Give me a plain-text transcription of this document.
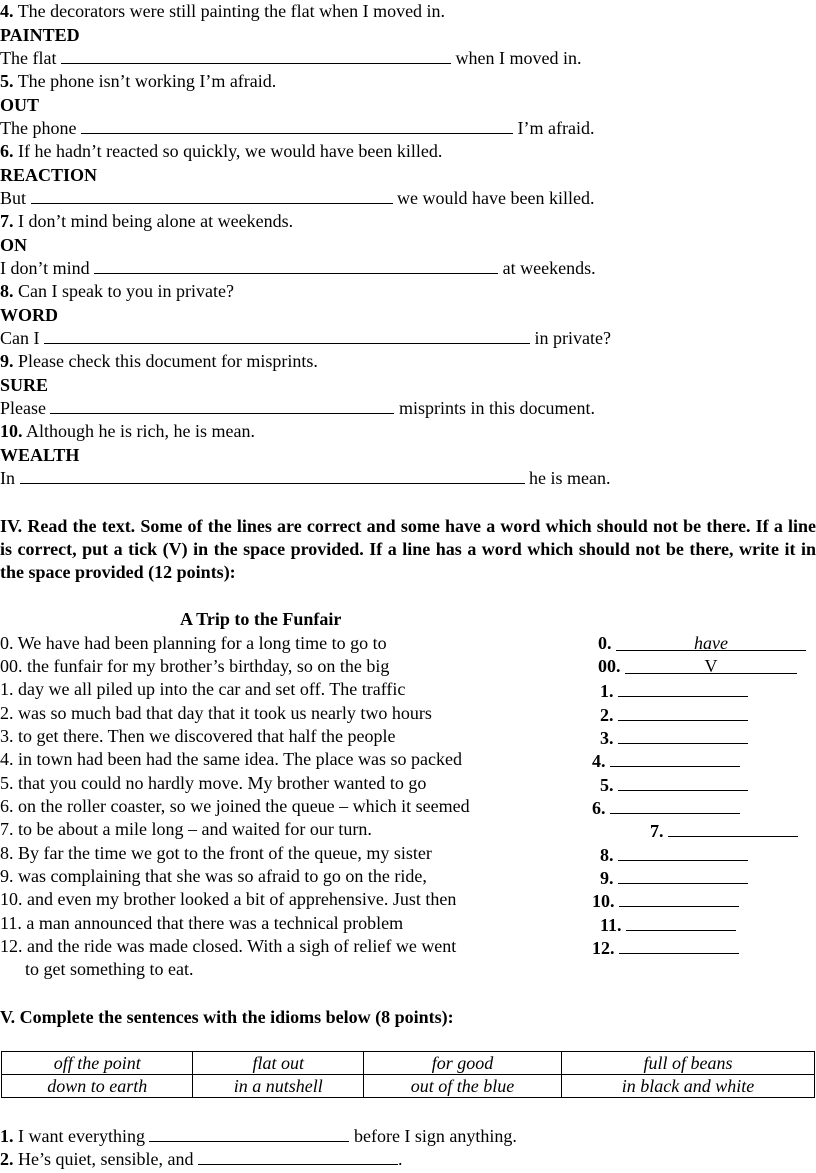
4. The decorators were still painting the flat when I moved in.
PAINTED
The flat	when I moved in.
5. The phone isn’t working I’m afraid.
OUT
The phone	I’m afraid.
6. If he hadn’t reacted so quickly, we would have been killed.
REACTION
But	we would have been killed.
7. I don’t mind being alone at weekends.
ON
I don’t mind	at weekends.
8. Can I speak to you in private?
WORD
Can I	in private?
9. Please check this document for misprints.
SURE
Please	misprints in this document.
10. Although he is rich, he is mean.
WEALTH
In	he is mean.
IV. Read the text. Some of the lines are correct and some have a word which should not be there. If a line is correct, put a tick (V) in the space provided. If a line has a word which should not be there, write it in the space provided (12 points):
A Trip to the Funfair
0. We have had been planning for a long time to go to
00. the funfair for my brother’s birthday, so on the big
1. day we all piled up into the car and set off. The traffic
2. was so much bad that day that it took us nearly two hours
3. to get there. Then we discovered that half the people
4. in town had been had the same idea. The place was so packed
5. that you could no hardly move. My brother wanted to go
6. on the roller coaster, so we joined the queue – which it seemed
7. to be about a mile long – and waited for our turn.
8. By far the time we got to the front of the queue, my sister
9. was complaining that she was so afraid to go on the ride,
10. and even my brother looked a bit of apprehensive. Just then
11. a man announced that there was a technical problem
12. and the ride was made closed. With a sigh of relief we went
to get something to eat.
0.	have
00.	V
1.
2.
3.
4.
5.
6.
7.
8.
9.
10.
11.
12.
V. Complete the sentences with the idioms below (8 points):
off the point	flat out	for good	full of beans
down to earth	in a nutshell	out of the blue	in black and white
1. I want everything	before I sign anything.
2. He’s quiet, sensible, and	.
